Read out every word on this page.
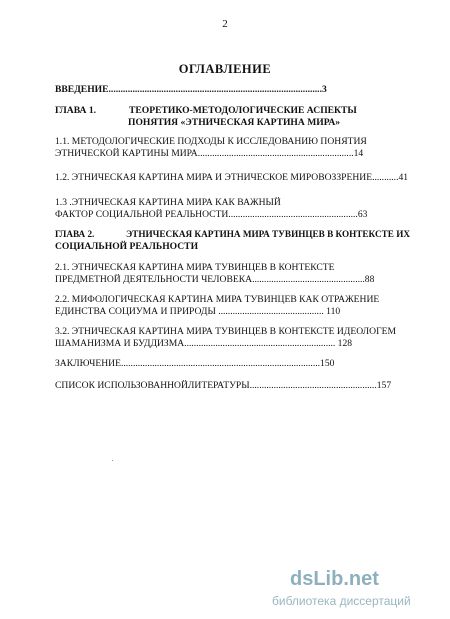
2
ОГЛАВЛЕНИЕ
ВВЕДЕНИЕ.........................................................................................3
ГЛАВА 1.	ТЕОРЕТИКО-МЕТОДОЛОГИЧЕСКИЕ АСПЕКТЫ
ПОНЯТИЯ «ЭТНИЧЕСКАЯ КАРТИНА МИРА»
1.1. МЕТОДОЛОГИЧЕСКИЕ ПОДХОДЫ К ИССЛЕДОВАНИЮ ПОНЯТИЯ
ЭТНИЧЕСКОЙ КАРТИНЫ МИРА.................................................................14
1.2. ЭТНИЧЕСКАЯ КАРТИНА МИРА И ЭТНИЧЕСКОЕ МИРОВОЗЗРЕНИЕ...........41
1.3 .ЭТНИЧЕСКАЯ КАРТИНА МИРА КАК ВАЖНЫЙ
ФАКТОР СОЦИАЛЬНОЙ РЕАЛЬНОСТИ......................................................63
ГЛАВА 2.	ЭТНИЧЕСКАЯ КАРТИНА МИРА ТУВИНЦЕВ В КОНТЕКСТЕ ИХ
СОЦИАЛЬНОЙ РЕАЛЬНОСТИ
2.1. ЭТНИЧЕСКАЯ КАРТИНА МИРА ТУВИНЦЕВ В КОНТЕКСТЕ
ПРЕДМЕТНОЙ ДЕЯТЕЛЬНОСТИ ЧЕЛОВЕКА...............................................88
2.2. МИФОЛОГИЧЕСКАЯ КАРТИНА МИРА ТУВИНЦЕВ КАК ОТРАЖЕНИЕ
ЕДИНСТВА СОЦИУМА И ПРИРОДЫ ............................................ 110
3.2. ЭТНИЧЕСКАЯ КАРТИНА МИРА ТУВИНЦЕВ В КОНТЕКСТЕ ИДЕОЛОГЕМ
ШАМАНИЗМА И БУДДИЗМА............................................................... 128
ЗАКЛЮЧЕНИЕ...................................................................................150
СПИСОК ИСПОЛЬЗОВАННОЙЛИТЕРАТУРЫ.....................................................157
dsLib.net
библиотека диссертаций
